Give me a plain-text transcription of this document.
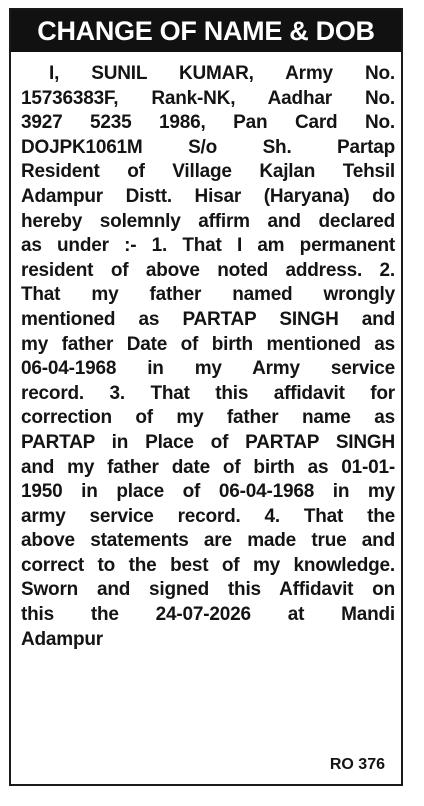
CHANGE OF NAME & DOB
I, SUNIL KUMAR, Army No.
15736383F, Rank-NK, Aadhar No.
3927 5235 1986, Pan Card No.
DOJPK1061M S/o Sh. Partap
Resident of Village Kajlan Tehsil
Adampur Distt. Hisar (Haryana) do
hereby solemnly affirm and declared
as under :- 1. That I am permanent
resident of above noted address. 2.
That my father named wrongly
mentioned as PARTAP SINGH and
my father Date of birth mentioned as
06-04-1968 in my Army service
record. 3. That this affidavit for
correction of my father name as
PARTAP in Place of PARTAP SINGH
and my father date of birth as 01-01-
1950 in place of 06-04-1968 in my
army service record. 4. That the
above statements are made true and
correct to the best of my knowledge.
Sworn and signed this Affidavit on
this the 24-07-2026 at Mandi
Adampur
RO 376
